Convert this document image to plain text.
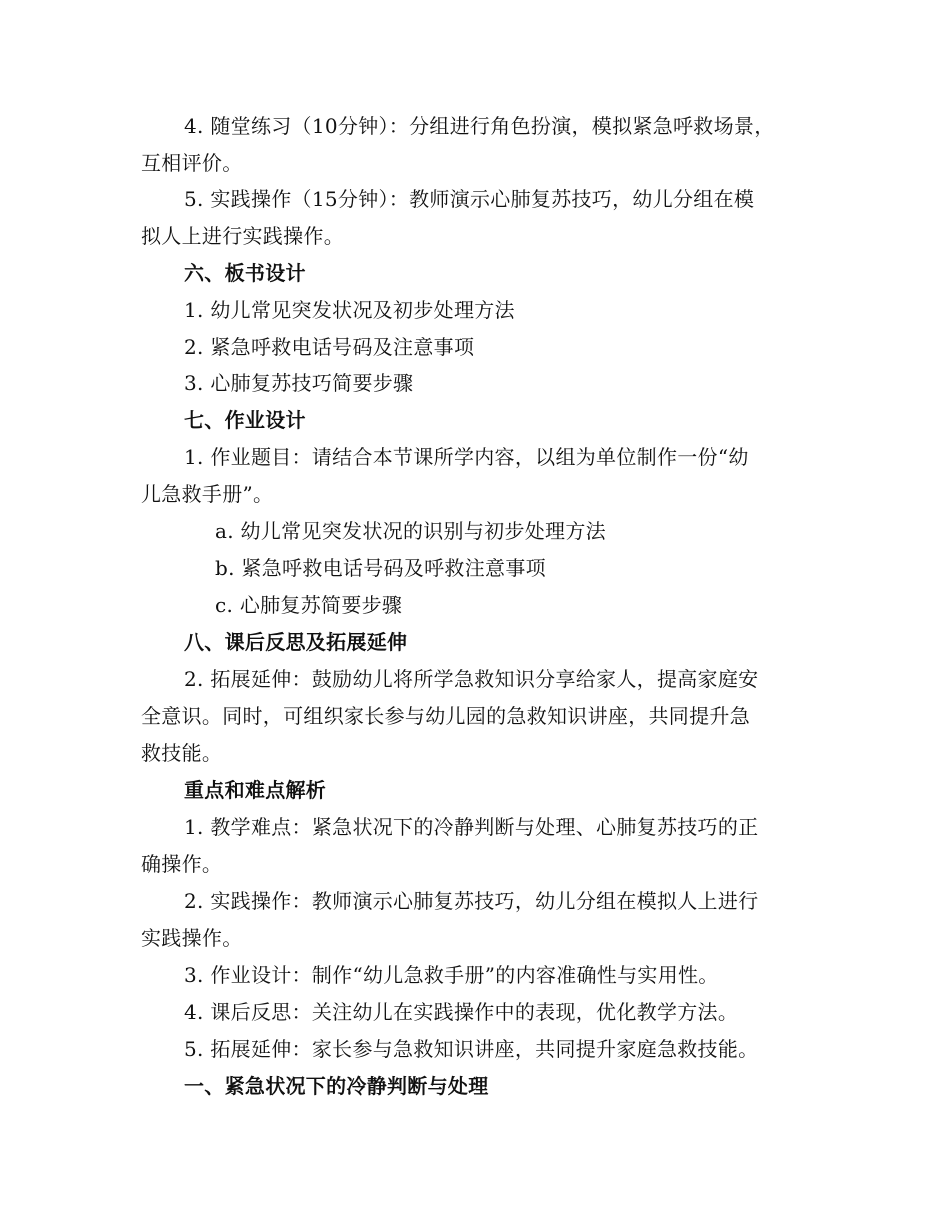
4. 随堂练习（10分钟）：分组进行角色扮演，模拟紧急呼救场景，
互相评价。
5. 实践操作（15分钟）：教师演示心肺复苏技巧，幼儿分组在模
拟人上进行实践操作。
六、板书设计
1. 幼儿常见突发状况及初步处理方法
2. 紧急呼救电话号码及注意事项
3. 心肺复苏技巧简要步骤
七、作业设计
1. 作业题目：请结合本节课所学内容，以组为单位制作一份“幼
儿急救手册”。
a. 幼儿常见突发状况的识别与初步处理方法
b. 紧急呼救电话号码及呼救注意事项
c. 心肺复苏简要步骤
八、课后反思及拓展延伸
2. 拓展延伸：鼓励幼儿将所学急救知识分享给家人，提高家庭安
全意识。同时，可组织家长参与幼儿园的急救知识讲座，共同提升急
救技能。
重点和难点解析
1. 教学难点：紧急状况下的冷静判断与处理、心肺复苏技巧的正
确操作。
2. 实践操作：教师演示心肺复苏技巧，幼儿分组在模拟人上进行
实践操作。
3. 作业设计：制作“幼儿急救手册”的内容准确性与实用性。
4. 课后反思：关注幼儿在实践操作中的表现，优化教学方法。
5. 拓展延伸：家长参与急救知识讲座，共同提升家庭急救技能。
一、紧急状况下的冷静判断与处理
